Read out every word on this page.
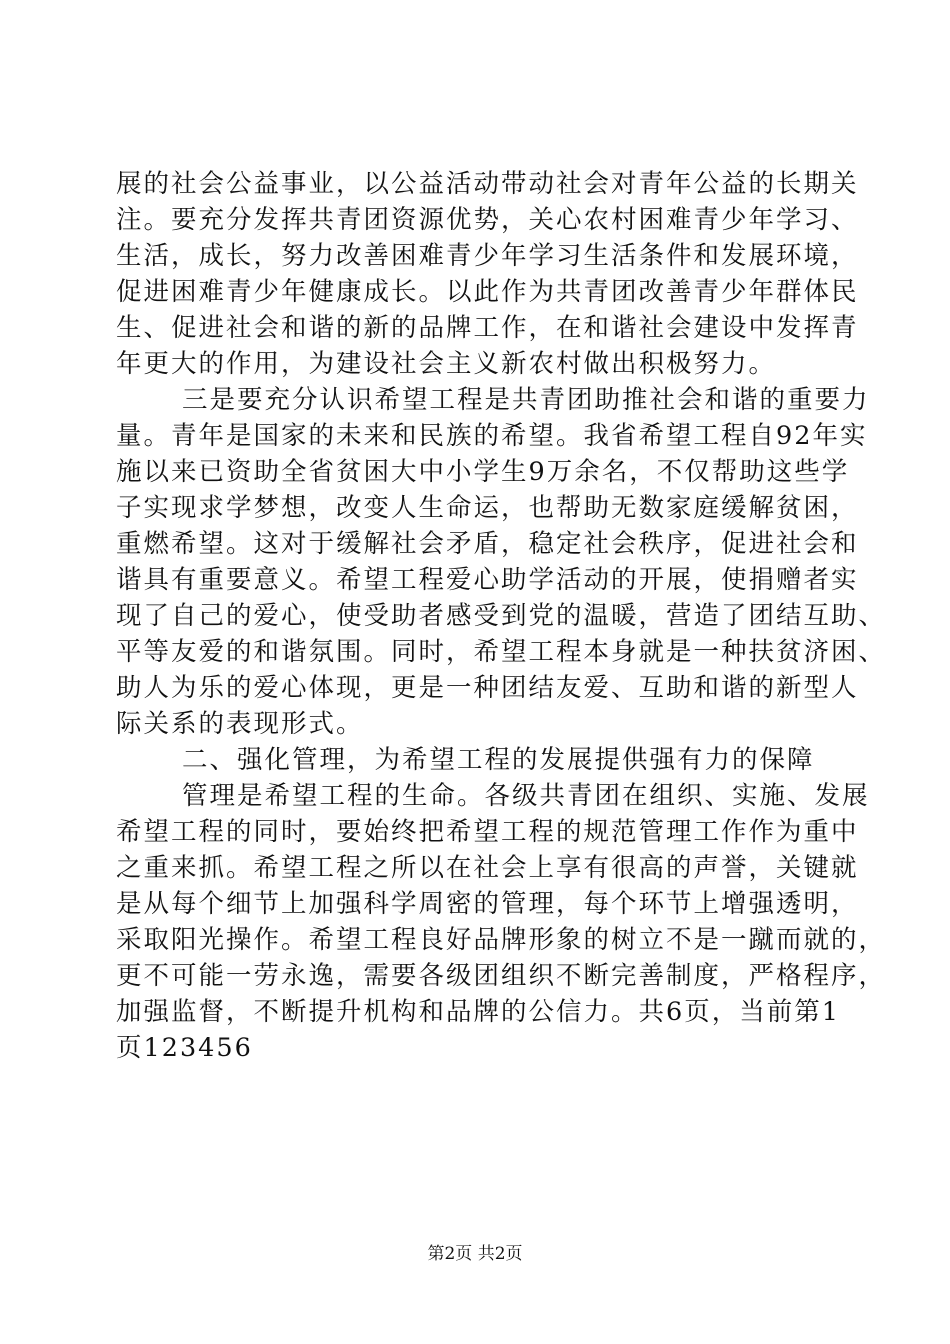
展的社会公益事业，以公益活动带动社会对青年公益的长期关
注。要充分发挥共青团资源优势，关心农村困难青少年学习、
生活，成长，努力改善困难青少年学习生活条件和发展环境，
促进困难青少年健康成长。以此作为共青团改善青少年群体民
生、促进社会和谐的新的品牌工作，在和谐社会建设中发挥青
年更大的作用，为建设社会主义新农村做出积极努力。
三是要充分认识希望工程是共青团助推社会和谐的重要力
量。青年是国家的未来和民族的希望。我省希望工程自92年实
施以来已资助全省贫困大中小学生9万余名，不仅帮助这些学
子实现求学梦想，改变人生命运，也帮助无数家庭缓解贫困，
重燃希望。这对于缓解社会矛盾，稳定社会秩序，促进社会和
谐具有重要意义。希望工程爱心助学活动的开展，使捐赠者实
现了自己的爱心，使受助者感受到党的温暖，营造了团结互助、
平等友爱的和谐氛围。同时，希望工程本身就是一种扶贫济困、
助人为乐的爱心体现，更是一种团结友爱、互助和谐的新型人
际关系的表现形式。
二、强化管理，为希望工程的发展提供强有力的保障
管理是希望工程的生命。各级共青团在组织、实施、发展
希望工程的同时，要始终把希望工程的规范管理工作作为重中
之重来抓。希望工程之所以在社会上享有很高的声誉，关键就
是从每个细节上加强科学周密的管理，每个环节上增强透明，
采取阳光操作。希望工程良好品牌形象的树立不是一蹴而就的，
更不可能一劳永逸，需要各级团组织不断完善制度，严格程序，
加强监督，不断提升机构和品牌的公信力。共6页，当前第1
页123456
第2页 共2页
